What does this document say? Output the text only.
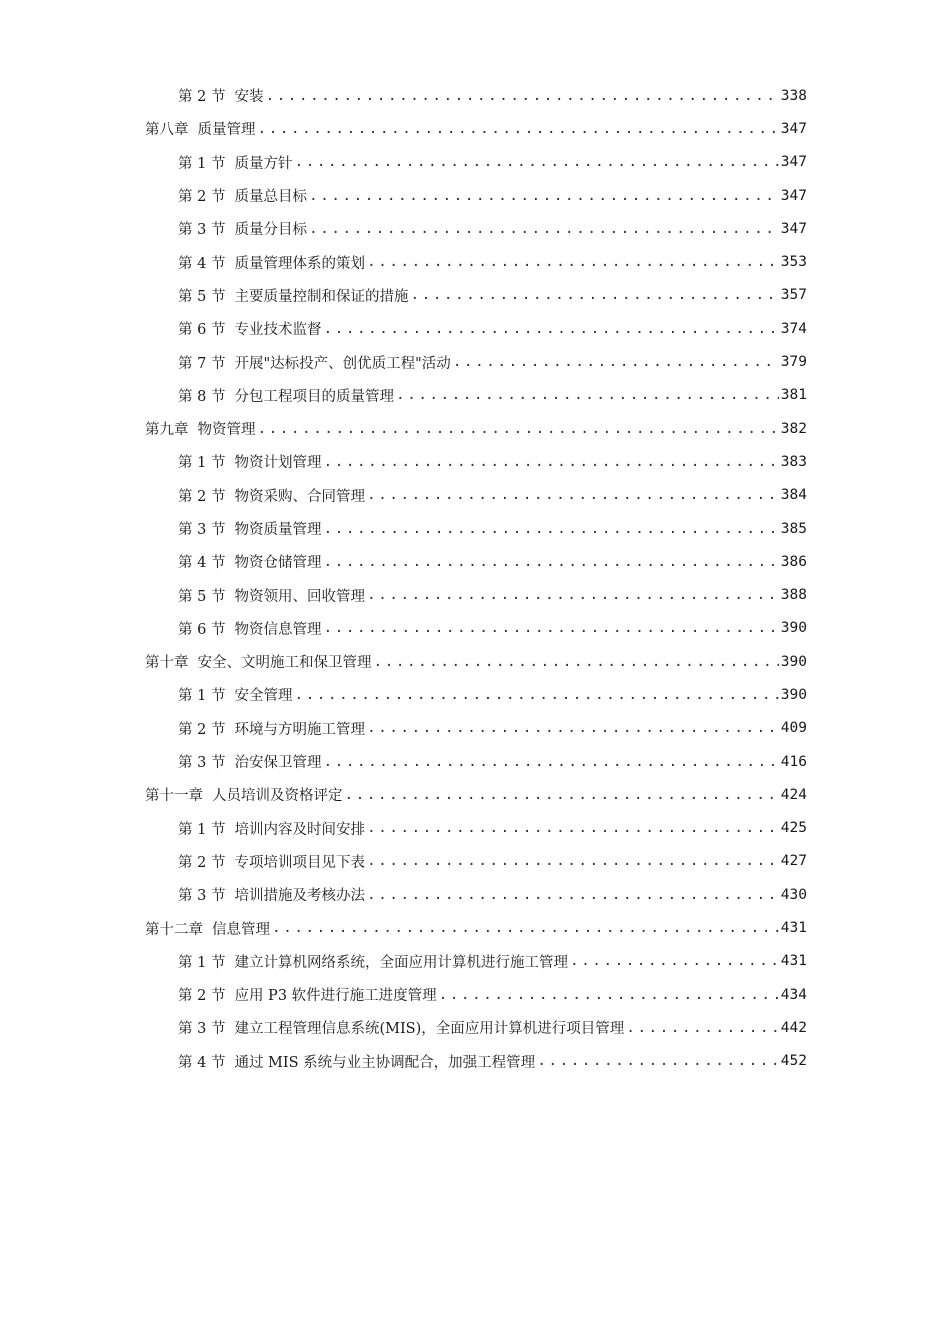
第 2 节 安装 .....	338
第八章 质量管理 .....	347
第 1 节 质量方针 .....	347
第 2 节 质量总目标 .....	347
第 3 节 质量分目标 .....	347
第 4 节 质量管理体系的策划 .....	353
第 5 节 主要质量控制和保证的措施 .....	357
第 6 节 专业技术监督 .....	374
第 7 节 开展"达标投产、创优质工程"活动 .....	379
第 8 节 分包工程项目的质量管理 .....	381
第九章 物资管理 .....	382
第 1 节 物资计划管理 .....	383
第 2 节 物资采购、合同管理 .....	384
第 3 节 物资质量管理 .....	385
第 4 节 物资仓储管理 .....	386
第 5 节 物资领用、回收管理 .....	388
第 6 节 物资信息管理 .....	390
第十章 安全、文明施工和保卫管理 .....	390
第 1 节 安全管理 .....	390
第 2 节 环境与方明施工管理 .....	409
第 3 节 治安保卫管理 .....	416
第十一章 人员培训及资格评定 .....	424
第 1 节 培训内容及时间安排 .....	425
第 2 节 专项培训项目见下表 .....	427
第 3 节 培训措施及考核办法 .....	430
第十二章 信息管理 .....	431
第 1 节 建立计算机网络系统，全面应用计算机进行施工管理 .....	431
第 2 节 应用 P3 软件进行施工进度管理 .....	434
第 3 节 建立工程管理信息系统(MIS)，全面应用计算机进行项目管理 .....	442
第 4 节 通过 MIS 系统与业主协调配合，加强工程管理 .....	452
